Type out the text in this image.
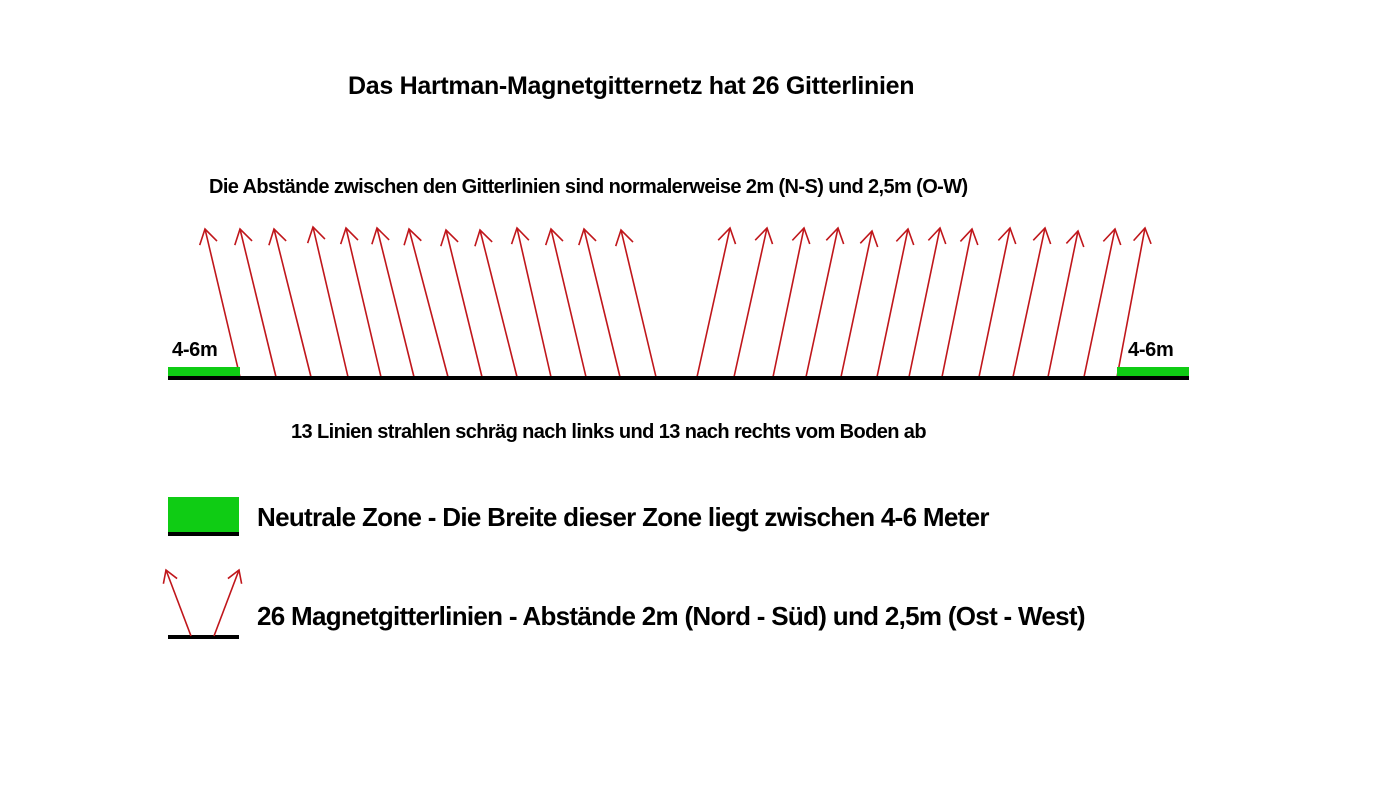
Das Hartman-Magnetgitternetz hat 26 Gitterlinien
Die Abstände zwischen den Gitterlinien sind normalerweise 2m (N-S) und 2,5m (O-W)
4-6m	4-6m
13 Linien strahlen schräg nach links und 13 nach rechts vom Boden ab
Neutrale Zone - Die Breite dieser Zone liegt zwischen 4-6 Meter
26 Magnetgitterlinien - Abstände 2m (Nord - Süd) und 2,5m (Ost - West)
